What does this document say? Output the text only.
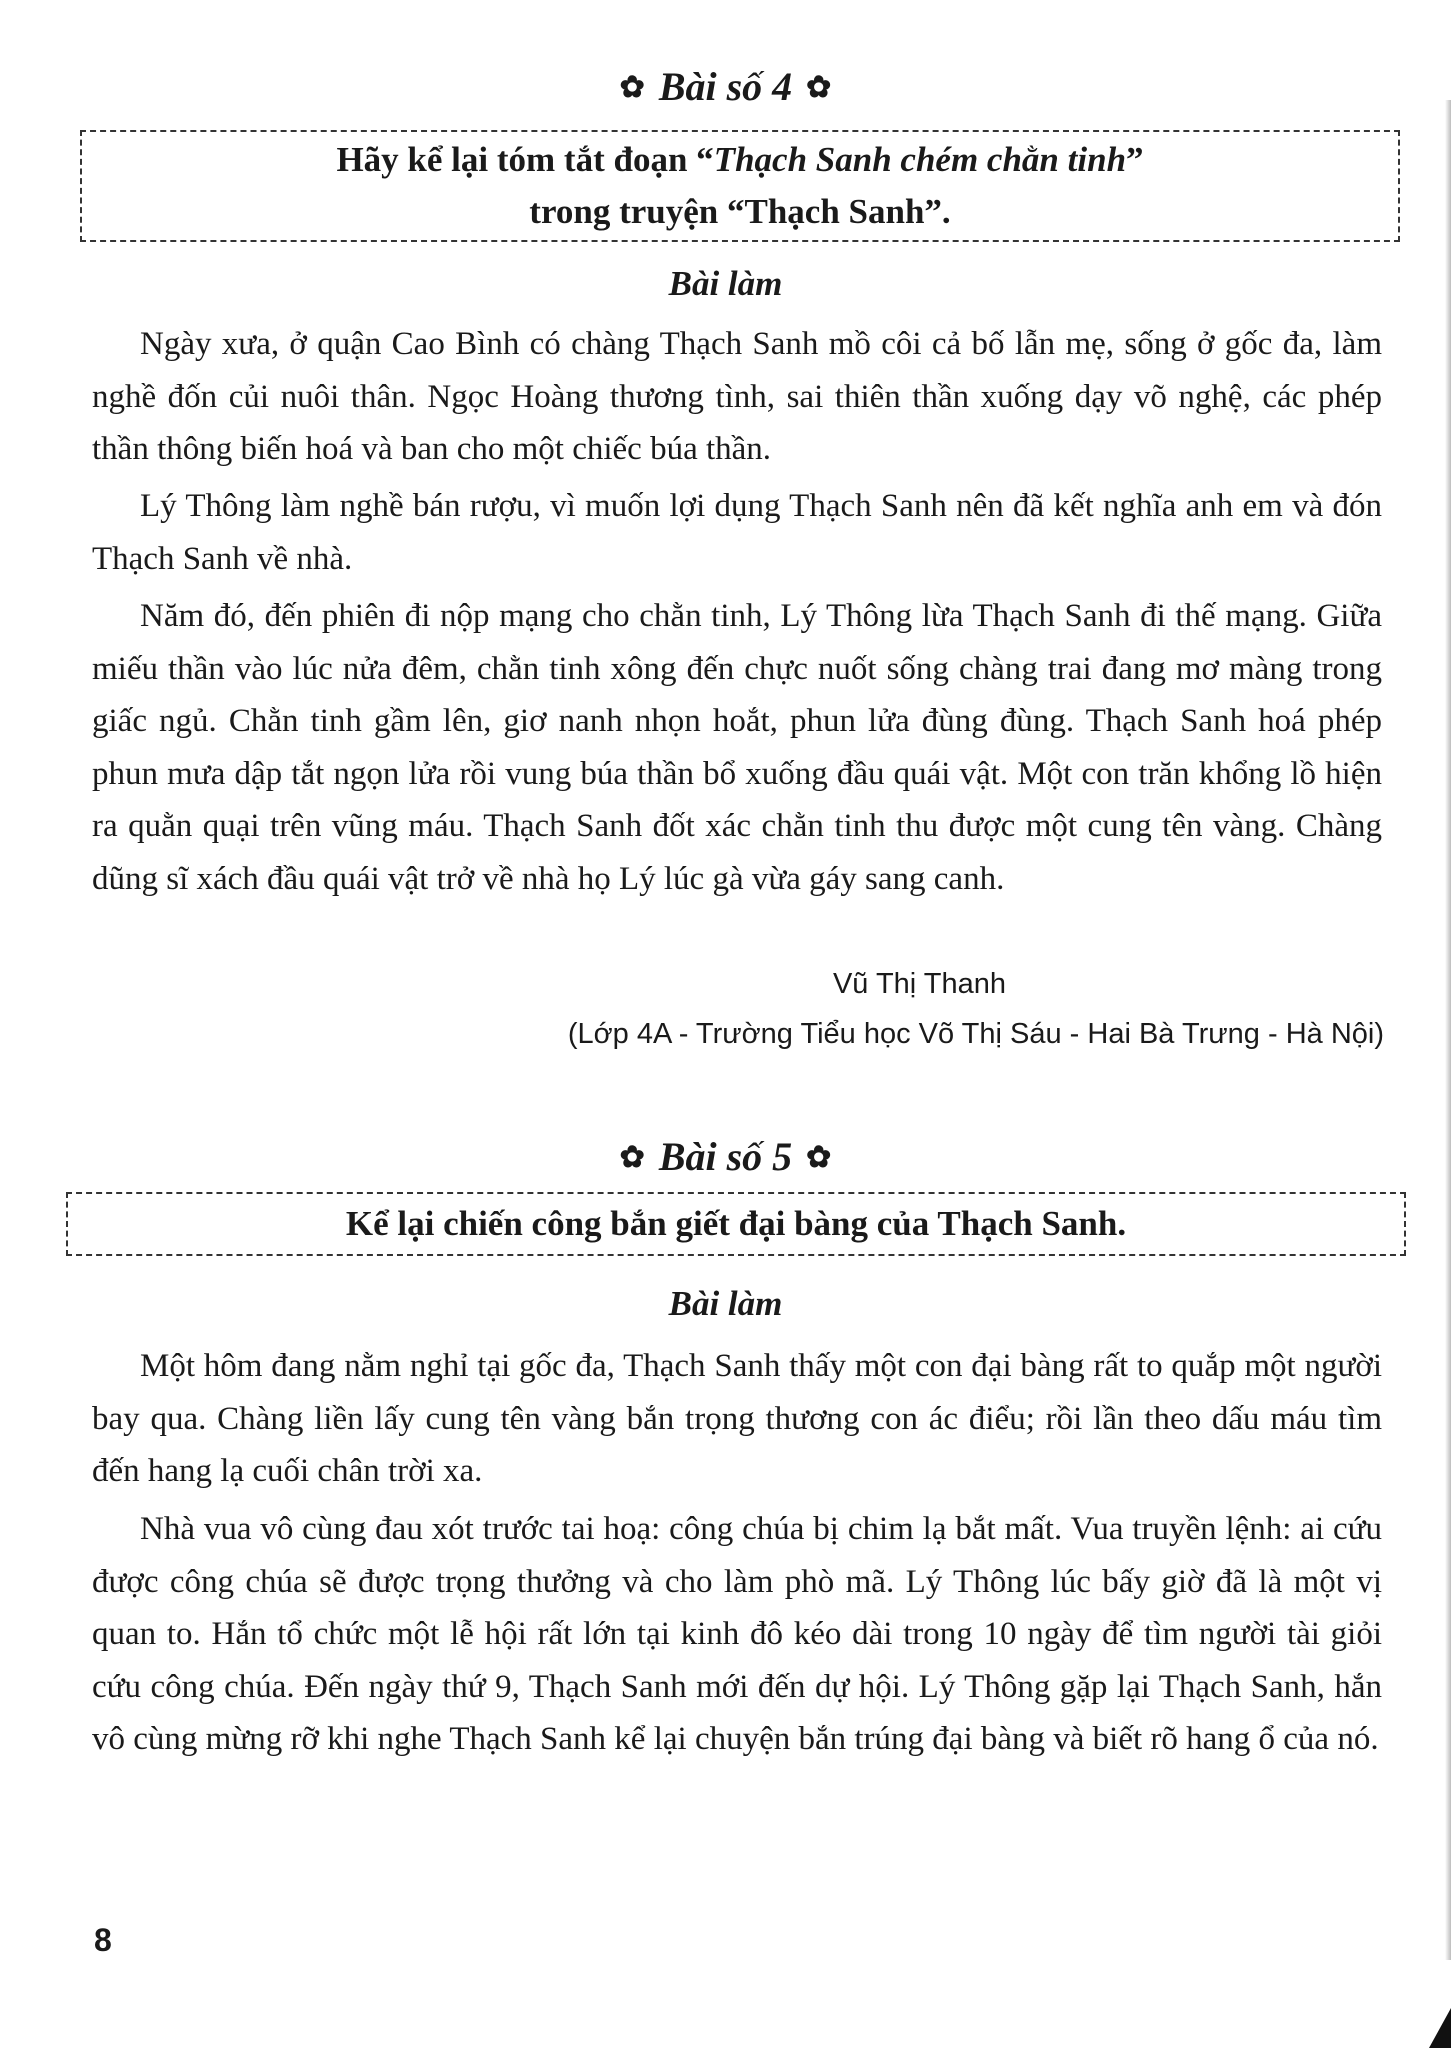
✿ Bài số 4 ✿
Hãy kể lại tóm tắt đoạn “Thạch Sanh chém chằn tinh”
trong truyện “Thạch Sanh”.
Bài làm

Ngày xưa, ở quận Cao Bình có chàng Thạch Sanh mồ côi cả bố lẫn mẹ, sống ở gốc đa, làm nghề đốn củi nuôi thân. Ngọc Hoàng thương tình, sai thiên thần xuống dạy võ nghệ, các phép thần thông biến hoá và ban cho một chiếc búa thần.

Lý Thông làm nghề bán rượu, vì muốn lợi dụng Thạch Sanh nên đã kết nghĩa anh em và đón Thạch Sanh về nhà.

Năm đó, đến phiên đi nộp mạng cho chằn tinh, Lý Thông lừa Thạch Sanh đi thế mạng. Giữa miếu thần vào lúc nửa đêm, chằn tinh xông đến chực nuốt sống chàng trai đang mơ màng trong giấc ngủ. Chằn tinh gầm lên, giơ nanh nhọn hoắt, phun lửa đùng đùng. Thạch Sanh hoá phép phun mưa dập tắt ngọn lửa rồi vung búa thần bổ xuống đầu quái vật. Một con trăn khổng lồ hiện ra quằn quại trên vũng máu. Thạch Sanh đốt xác chằn tinh thu được một cung tên vàng. Chàng dũng sĩ xách đầu quái vật trở về nhà họ Lý lúc gà vừa gáy sang canh.

Vũ Thị Thanh
(Lớp 4A - Trường Tiểu học Võ Thị Sáu - Hai Bà Trưng - Hà Nội)
✿ Bài số 5 ✿
Kể lại chiến công bắn giết đại bàng của Thạch Sanh.
Bài làm

Một hôm đang nằm nghỉ tại gốc đa, Thạch Sanh thấy một con đại bàng rất to quắp một người bay qua. Chàng liền lấy cung tên vàng bắn trọng thương con ác điểu; rồi lần theo dấu máu tìm đến hang lạ cuối chân trời xa.

Nhà vua vô cùng đau xót trước tai hoạ: công chúa bị chim lạ bắt mất. Vua truyền lệnh: ai cứu được công chúa sẽ được trọng thưởng và cho làm phò mã. Lý Thông lúc bấy giờ đã là một vị quan to. Hắn tổ chức một lễ hội rất lớn tại kinh đô kéo dài trong 10 ngày để tìm người tài giỏi cứu công chúa. Đến ngày thứ 9, Thạch Sanh mới đến dự hội. Lý Thông gặp lại Thạch Sanh, hắn vô cùng mừng rỡ khi nghe Thạch Sanh kể lại chuyện bắn trúng đại bàng và biết rõ hang ổ của nó.

8
